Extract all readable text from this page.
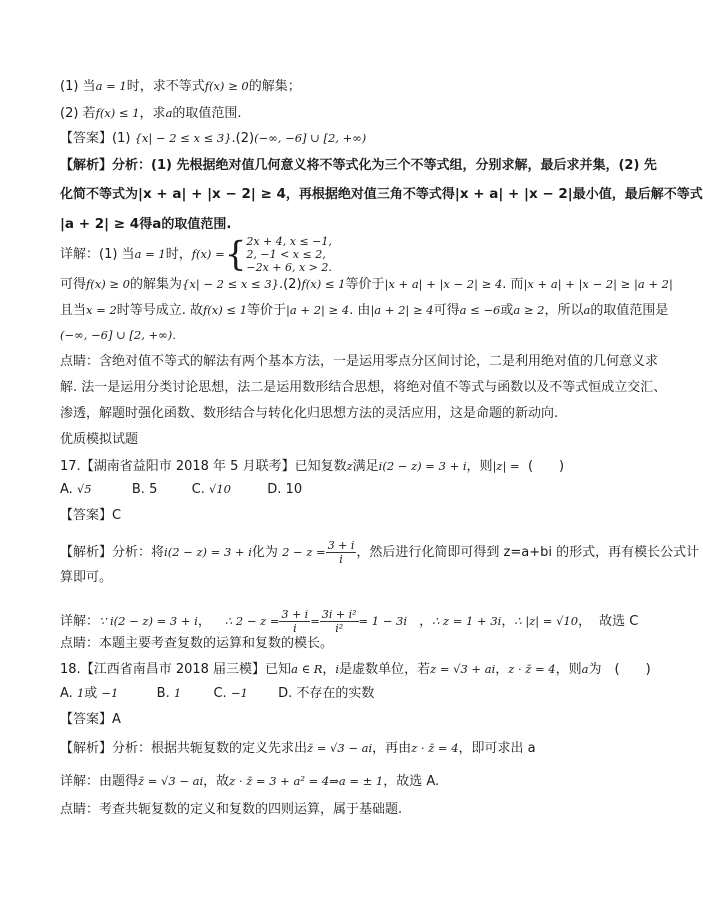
(1) 当a = 1时，求不等式f(x) ≥ 0的解集；
(2) 若f(x) ≤ 1，求a的取值范围.
【答案】(1) {x| − 2 ≤ x ≤ 3}.(2)(−∞, −6] ∪ [2, +∞)
【解析】分析：(1) 先根据绝对值几何意义将不等式化为三个不等式组，分别求解，最后求并集，(2) 先
化简不等式为|x + a| + |x − 2| ≥ 4，再根据绝对值三角不等式得|x + a| + |x − 2|最小值，最后解不等式
|a + 2| ≥ 4得a的取值范围.
详解：(1) 当a = 1时，f(x) ={ 2x + 4, x ≤ −1,
2, −1 < x ≤ 2,
−2x + 6, x > 2.
可得f(x) ≥ 0的解集为{x| − 2 ≤ x ≤ 3}.(2)f(x) ≤ 1等价于|x + a| + |x − 2| ≥ 4. 而|x + a| + |x − 2| ≥ |a + 2|
且当x = 2时等号成立. 故f(x) ≤ 1等价于|a + 2| ≥ 4. 由|a + 2| ≥ 4可得a ≤ −6或a ≥ 2，所以a的取值范围是
(−∞, −6] ∪ [2, +∞).
点睛：含绝对值不等式的解法有两个基本方法，一是运用零点分区间讨论，二是利用绝对值的几何意义求
解. 法一是运用分类讨论思想，法二是运用数形结合思想，将绝对值不等式与函数以及不等式恒成立交汇、
渗透，解题时强化函数、数形结合与转化化归思想方法的灵活应用，这是命题的新动向.
优质模拟试题
17.【湖南省益阳市 2018 年 5 月联考】已知复数z满足i(2 − z) = 3 + i，则|z| = (　　)
A. √5	B. 5	C. √10	D. 10
【答案】C
【解析】分析：将i(2 − z) = 3 + i化为 $2 - z = \frac{3 + i}{i}$ ，然后进行化简即可得到 z=a+bi 的形式，再有模长公式计
算即可。
详解：∵ i(2 − z) = 3 + i， ∴ $2 - z = \frac{3 + i}{i} = \frac{\text{3i + i²}}{\text{i²}} = 1 - 3i$ ，∴ z = 1 + 3i，∴ |z| = √10， 故选 C
点睛：本题主要考查复数的运算和复数的模长。
18.【江西省南昌市 2018 届三模】已知a ∈ R，i是虚数单位，若z = √3 + ai，z · z̄ = 4，则a为　(　　)
A. 1或 −1	B. 1 C. −1 D. 不存在的实数
【答案】A
【解析】分析：根据共轭复数的定义先求出z̄ = √3 − ai，再由z · z̄ = 4，即可求出 a
详解：由题得z̄ = √3 − ai，故z · z̄ = 3 + a² = 4⇒a = ± 1，故选 A.
点睛：考查共轭复数的定义和复数的四则运算，属于基础题.
